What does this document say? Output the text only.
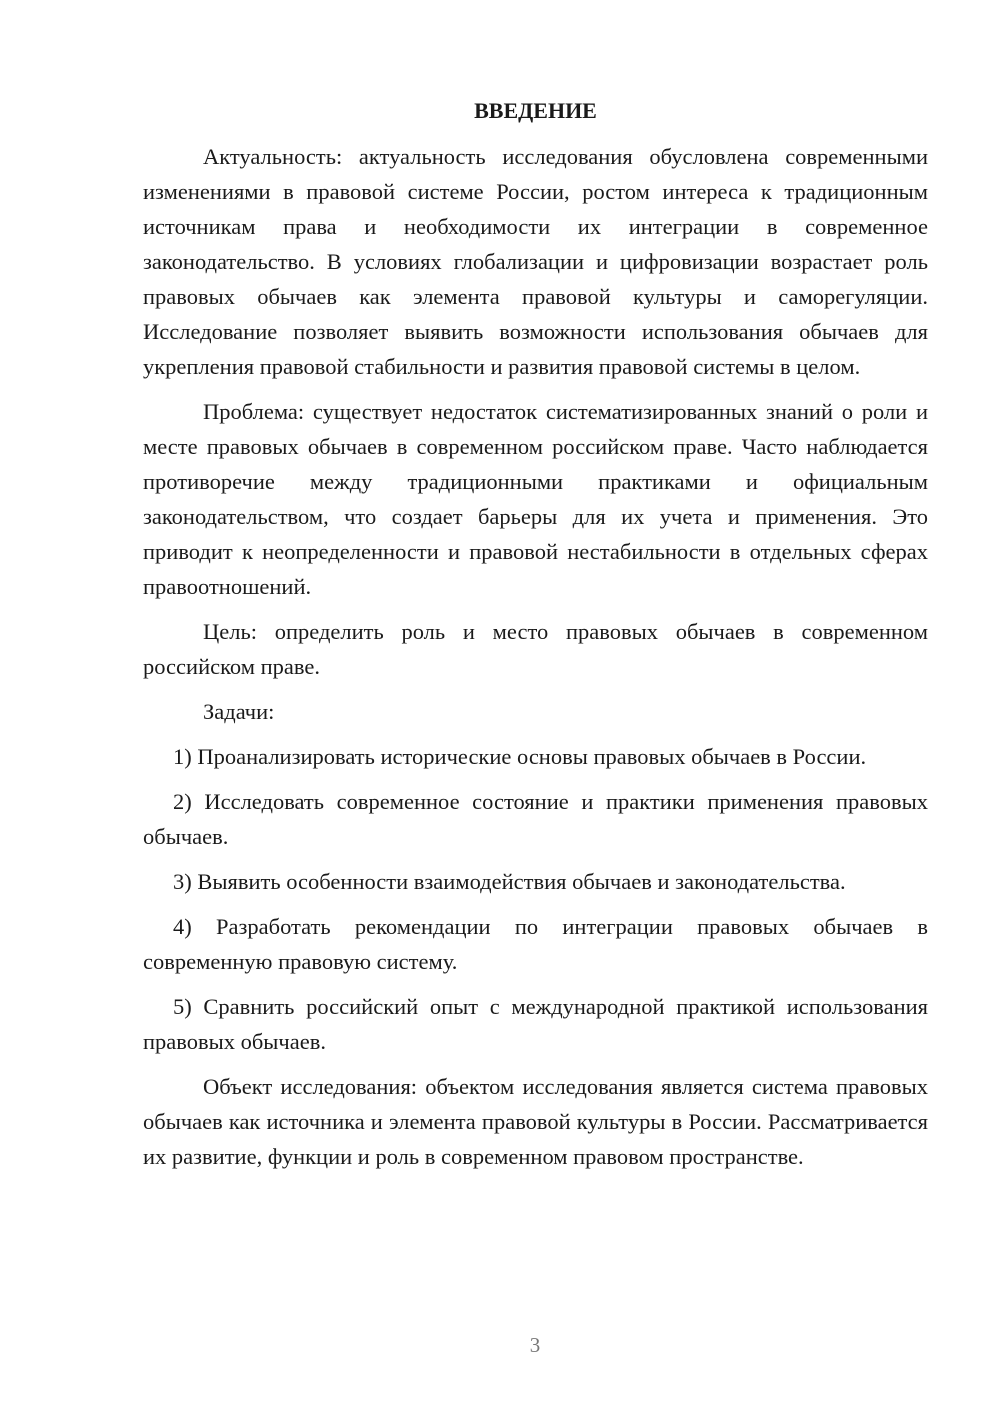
ВВЕДЕНИЕ

Актуальность: актуальность исследования обусловлена современными изменениями в правовой системе России, ростом интереса к традиционным источникам права и необходимости их интеграции в современное законодательство. В условиях глобализации и цифровизации возрастает роль правовых обычаев как элемента правовой культуры и саморегуляции. Исследование позволяет выявить возможности использования обычаев для укрепления правовой стабильности и развития правовой системы в целом.

Проблема: существует недостаток систематизированных знаний о роли и месте правовых обычаев в современном российском праве. Часто наблюдается противоречие между традиционными практиками и официальным законодательством, что создает барьеры для их учета и применения. Это приводит к неопределенности и правовой нестабильности в отдельных сферах правоотношений.

Цель: определить роль и место правовых обычаев в современном российском праве.

Задачи:

1) Проанализировать исторические основы правовых обычаев в России.

2) Исследовать современное состояние и практики применения правовых обычаев.

3) Выявить особенности взаимодействия обычаев и законодательства.

4) Разработать рекомендации по интеграции правовых обычаев в современную правовую систему.

5) Сравнить российский опыт с международной практикой использования правовых обычаев.

Объект исследования: объектом исследования является система правовых обычаев как источника и элемента правовой культуры в России. Рассматривается их развитие, функции и роль в современном правовом пространстве.

3
